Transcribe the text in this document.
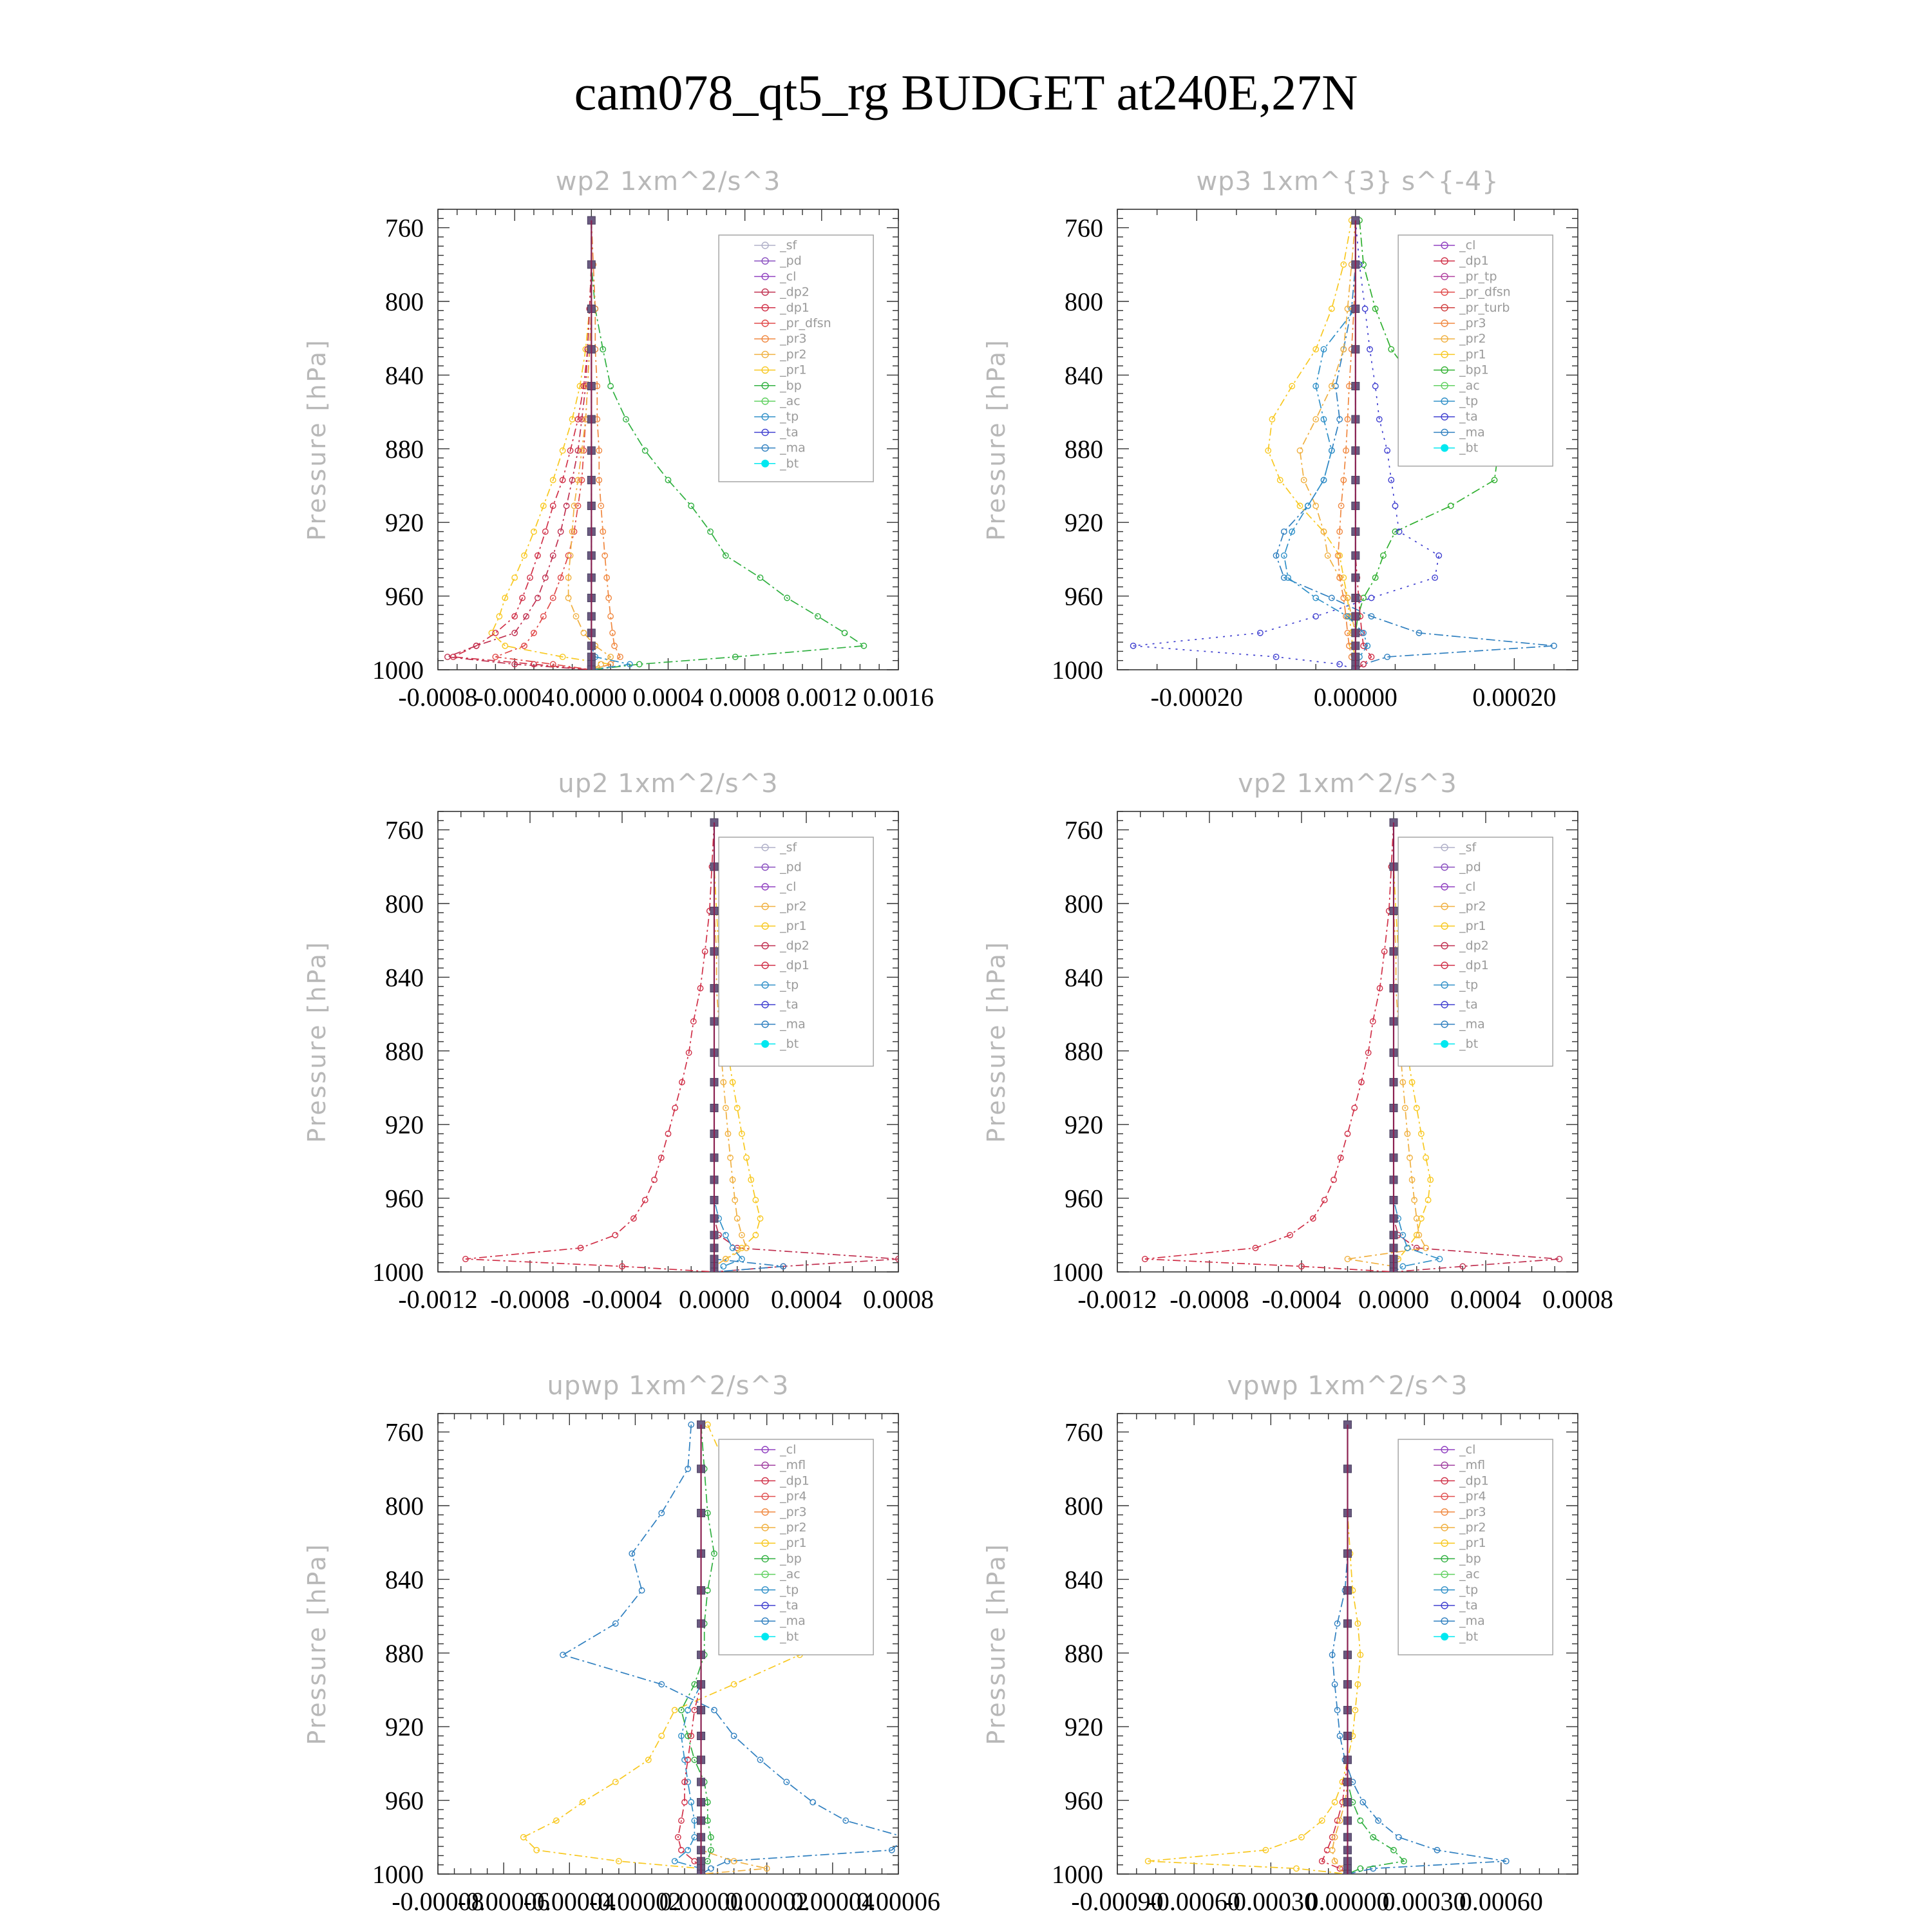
cam078_qt5_rg BUDGET at240E,27N
wp2 1xm^2/s^3
Pressure [hPa]
760
800
840
880
920
960
1000
-0.0008
-0.0004 0.0000 0.0004 0.0008 0.0012 0.0016
_sf
_pd
_cl
_dp2
_dp1
_pr_dfsn
_pr3
_pr2
_pr1
_bp
_ac
_tp
_ta
_ma
_bt
wp3 1xm^{3} s^{-4}
Pressure [hPa]
760
800
840
880
920
960
1000
-0.00020	0.00000	0.00020
_cl
_dp1
_pr_tp
_pr_dfsn
_pr_turb
_pr3
_pr2
_pr1
_bp1
_ac
_tp
_ta
_ma
_bt
up2 1xm^2/s^3
Pressure [hPa]
760
800
840
880
920
960
1000
-0.0012 -0.0008 -0.0004 0.0000 0.0004 0.0008
_sf
_pd
_cl
_pr2
_pr1
_dp2
_dp1
_tp
_ta
_ma
_bt
vp2 1xm^2/s^3
Pressure [hPa]
760
800
840
880
920
960
1000
-0.0012 -0.0008 -0.0004 0.0000 0.0004 0.0008
_sf
_pd
_cl
_pr2
_pr1
_dp2
_dp1
_tp
_ta
_ma
_bt
upwp 1xm^2/s^3
Pressure [hPa]
760
800
840
880
920
960
1000
-0.00008
-0.00006
-0.00004
-0.00002
0.00000
0.00002
0.00004
0.00006
_cl
_mfl
_dp1
_pr4
_pr3
_pr2
_pr1
_bp
_ac
_tp
_ta
_ma
_bt
vpwp 1xm^2/s^3
Pressure [hPa]
760
800
840
880
920
960
1000
-0.00090
-0.00060
-0.00030
0.00000
0.00030
0.00060
_cl
_mfl
_dp1
_pr4
_pr3
_pr2
_pr1
_bp
_ac
_tp
_ta
_ma
_bt
